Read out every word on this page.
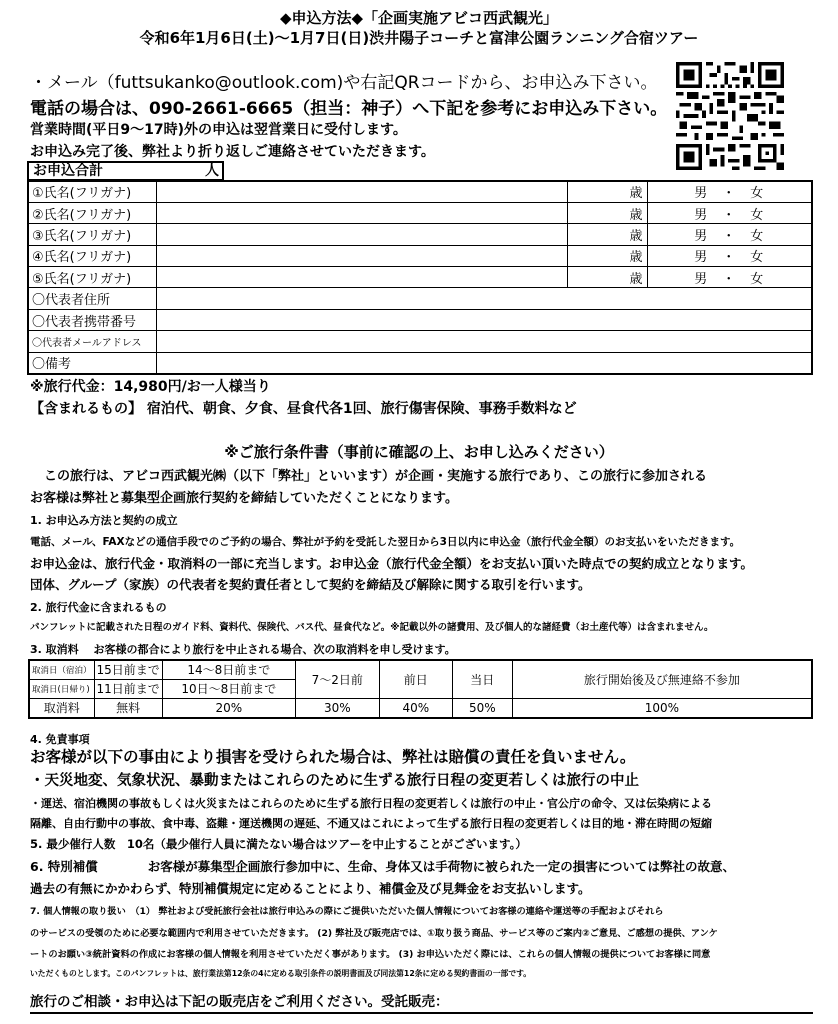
◆申込方法◆「企画実施アビコ西武観光」
令和6年1月6日(土)～1月7日(日)渋井陽子コーチと富津公園ランニング合宿ツアー
・メール（futtsukanko@outlook.com)や右記QRコードから、お申込み下さい。
電話の場合は、090-2661-6665（担当：神子）へ下記を参考にお申込み下さい。
営業時間(平日9～17時)外の申込は翌営業日に受付します。
お申込み完了後、弊社より折り返しご連絡させていただきます。
お申込合計	人
①氏名(フリガナ)		歳	男　・　女
②氏名(フリガナ)		歳	男　・　女
③氏名(フリガナ)		歳	男　・　女
④氏名(フリガナ)		歳	男　・　女
⑤氏名(フリガナ)		歳	男　・　女
〇代表者住所			
〇代表者携帯番号			
〇代表者メールアドレス			
〇備考			
※旅行代金：14,980円/お一人様当り
【含まれるもの】 宿泊代、朝食、夕食、昼食代各1回、旅行傷害保険、事務手数料など
※ご旅行条件書（事前に確認の上、お申し込みください）
この旅行は、アビコ西武観光㈱（以下「弊社」といいます）が企画・実施する旅行であり、この旅行に参加される
お客様は弊社と募集型企画旅行契約を締結していただくことになります。
1. お申込み方法と契約の成立
電話、メール、FAXなどの通信手段でのご予約の場合、弊社が予約を受託した翌日から3日以内に申込金（旅行代金全額）のお支払いをいただきます。
お申込金は、旅行代金・取消料の一部に充当します。お申込金（旅行代金全額）をお支払い頂いた時点での契約成立となります。
団体、グループ（家族）の代表者を契約責任者として契約を締結及び解除に関する取引を行います。
2. 旅行代金に含まれるもの
パンフレットに記載された日程のガイド料、資料代、保険代、バス代、昼食代など。※記載以外の諸費用、及び個人的な諸経費（お土産代等）は含まれません。
3. 取消料　 お客様の都合により旅行を中止される場合、次の取消料を申し受けます。
取消日（宿泊）	15日前まで	14～8日前まで	7～2日前	前日	当日	旅行開始後及び無連絡不参加
取消日(日帰り)	11日前まで	10日～8日前まで				
取消料	無料	20%	30%	40%	50%	100%
4. 免責事項
お客様が以下の事由により損害を受けられた場合は、弊社は賠償の責任を負いません。
・天災地変、気象状況、暴動またはこれらのために生ずる旅行日程の変更若しくは旅行の中止
・運送、宿泊機関の事故もしくは火災またはこれらのために生ずる旅行日程の変更若しくは旅行の中止・官公庁の命令、又は伝染病による
隔離、自由行動中の事故、食中毒、盗難・運送機関の遅延、不通又はこれによって生ずる旅行日程の変更若しくは目的地・滞在時間の短縮
5. 最少催行人数　10名（最少催行人員に満たない場合はツアーを中止することがございます。）
6. 特別補償　　　　お客様が募集型企画旅行参加中に、生命、身体又は手荷物に被られた一定の損害については弊社の故意、
過去の有無にかかわらず、特別補償規定に定めることにより、補償金及び見舞金をお支払いします。
7. 個人情報の取り扱い　（1） 弊社および受託旅行会社は旅行申込みの際にご提供いただいた個人情報についてお客様の連絡や運送等の手配およびそれら
のサービスの受領のために必要な範囲内で利用させていただきます。 (2) 弊社及び販売店では、①取り扱う商品、サービス等のご案内②ご意見、ご感想の提供、アンケ
ートのお願い③統計資料の作成にお客様の個人情報を利用させていただく事があります。 (3) お申込いただく際には、これらの個人情報の提供についてお客様に同意
いただくものとします。このパンフレットは、旅行業法第12条の4に定める取引条件の説明書面及び同法第12条に定める契約書面の一部です。
旅行のご相談・お申込は下記の販売店をご利用ください。受託販売：
